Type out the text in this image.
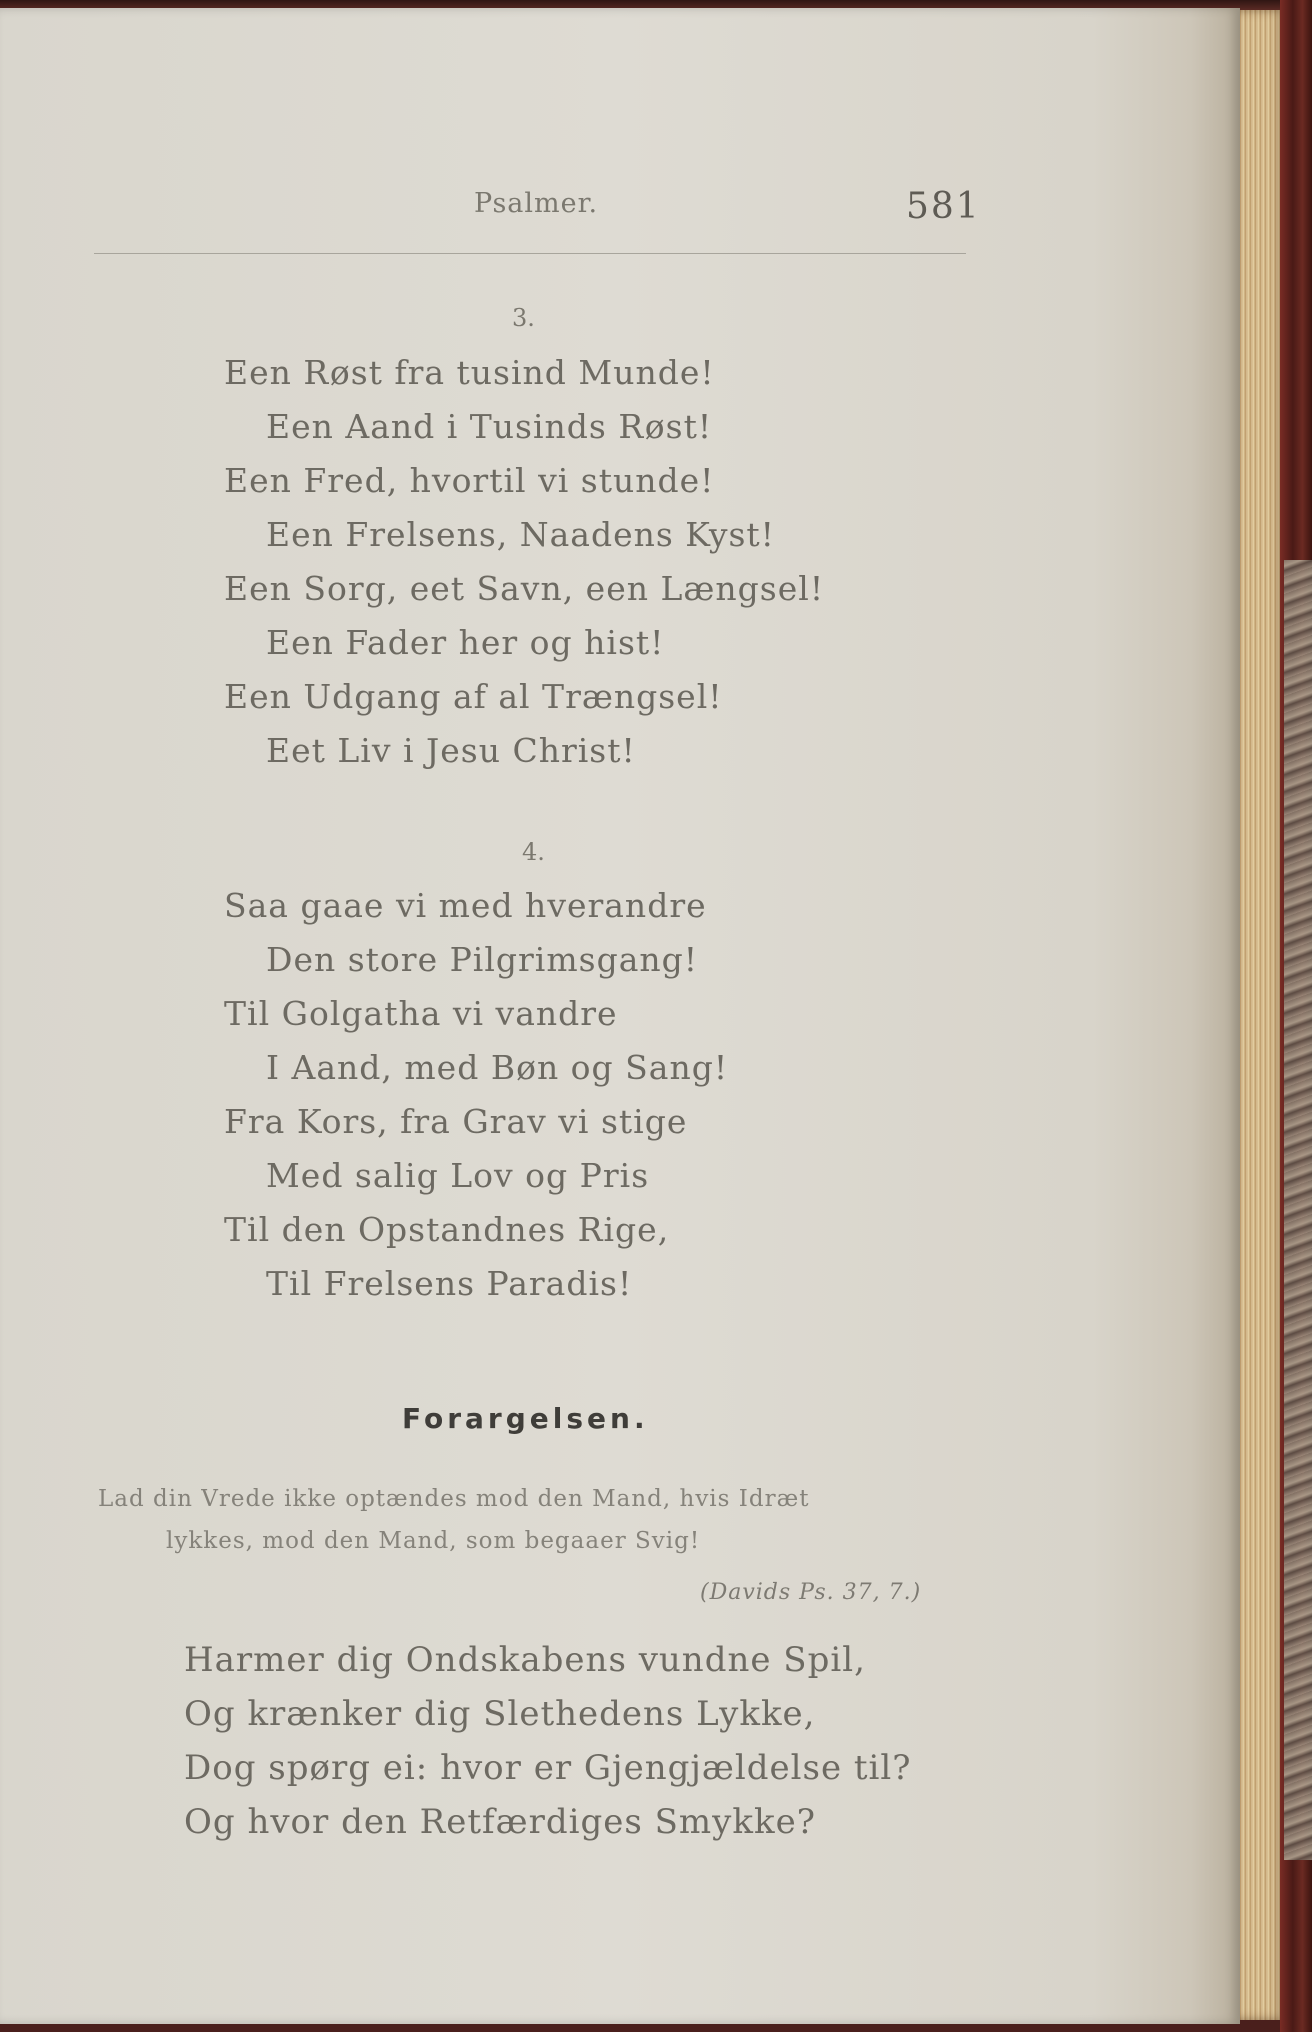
Psalmer.	581
3.
Een Røst fra tusind Munde!
Een Aand i Tusinds Røst!
Een Fred, hvortil vi stunde!
Een Frelsens, Naadens Kyst!
Een Sorg, eet Savn, een Længsel!
Een Fader her og hist!
Een Udgang af al Trængsel!
Eet Liv i Jesu Christ!
4.
Saa gaae vi med hverandre
Den store Pilgrimsgang!
Til Golgatha vi vandre
I Aand, med Bøn og Sang!
Fra Kors, fra Grav vi stige
Med salig Lov og Pris
Til den Opstandnes Rige,
Til Frelsens Paradis!
Forargelsen.
Lad din Vrede ikke optændes mod den Mand, hvis Idræt
lykkes, mod den Mand, som begaaer Svig!
(Davids Ps. 37, 7.)
Harmer dig Ondskabens vundne Spil,
Og krænker dig Slethedens Lykke,
Dog spørg ei: hvor er Gjengjældelse til?
Og hvor den Retfærdiges Smykke?
